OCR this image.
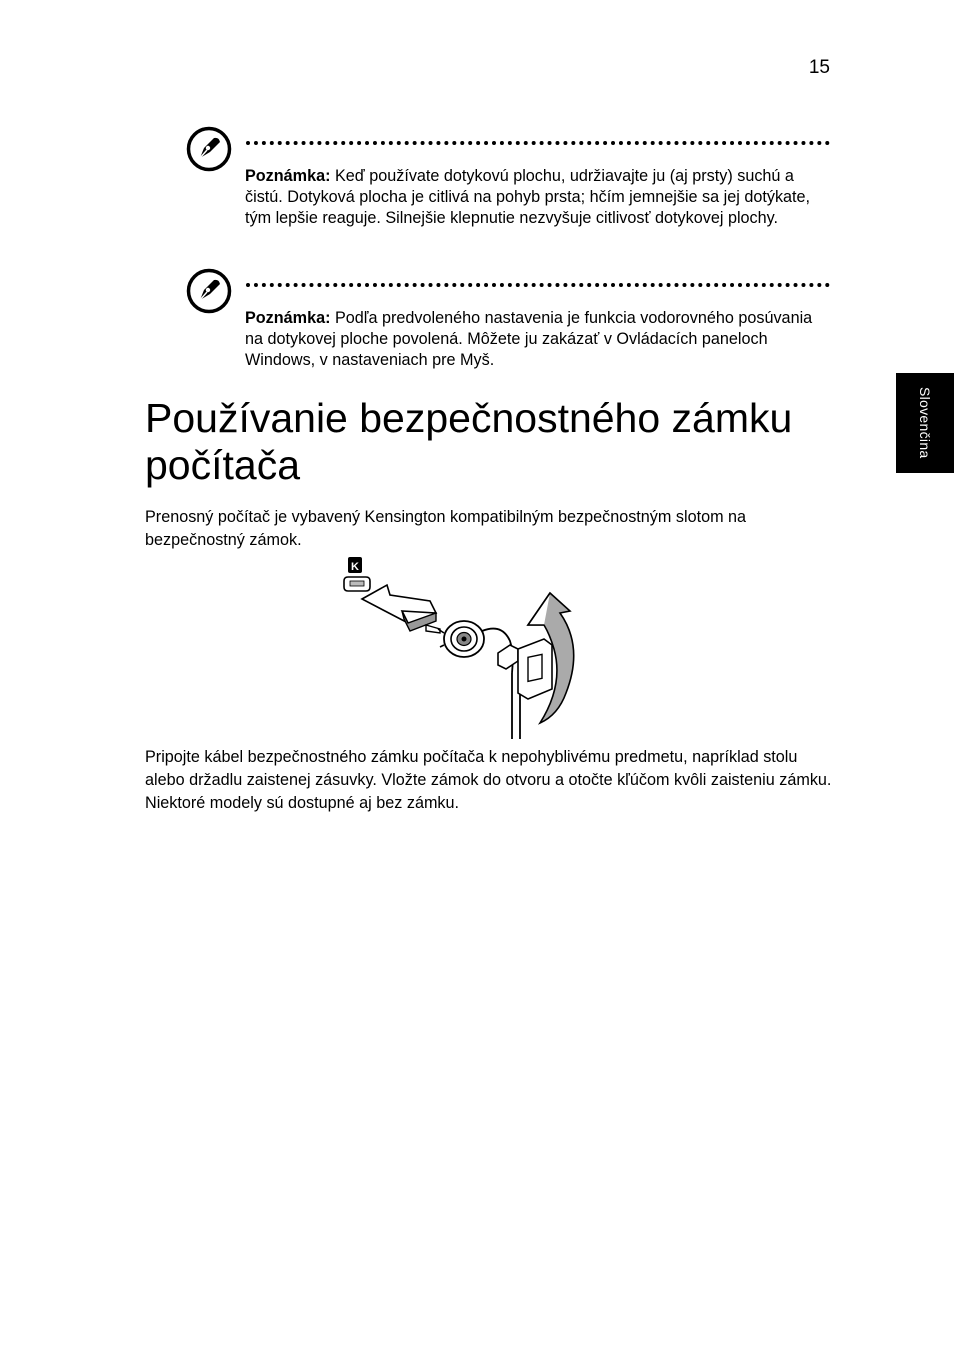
15
Slovenčina
Poznámka: Keď používate dotykovú plochu, udržiavajte ju (aj prsty) suchú a čistú. Dotyková plocha je citlivá na pohyb prsta; hčím jemnejšie sa jej dotýkate, tým lepšie reaguje. Silnejšie klepnutie nezvyšuje citlivosť dotykovej plochy.
Poznámka: Podľa predvoleného nastavenia je funkcia vodorovného posúvania na dotykovej ploche povolená. Môžete ju zakázať v Ovládacích paneloch Windows, v nastaveniach pre Myš.
Používanie bezpečnostného zámku počítača

Prenosný počítač je vybavený Kensington kompatibilným bezpečnostným slotom na bezpečnostný zámok.

K

Pripojte kábel bezpečnostného zámku počítača k nepohyblivému predmetu, napríklad stolu alebo držadlu zaistenej zásuvky. Vložte zámok do otvoru a otočte kľúčom kvôli zaisteniu zámku. Niektoré modely sú dostupné aj bez zámku.
